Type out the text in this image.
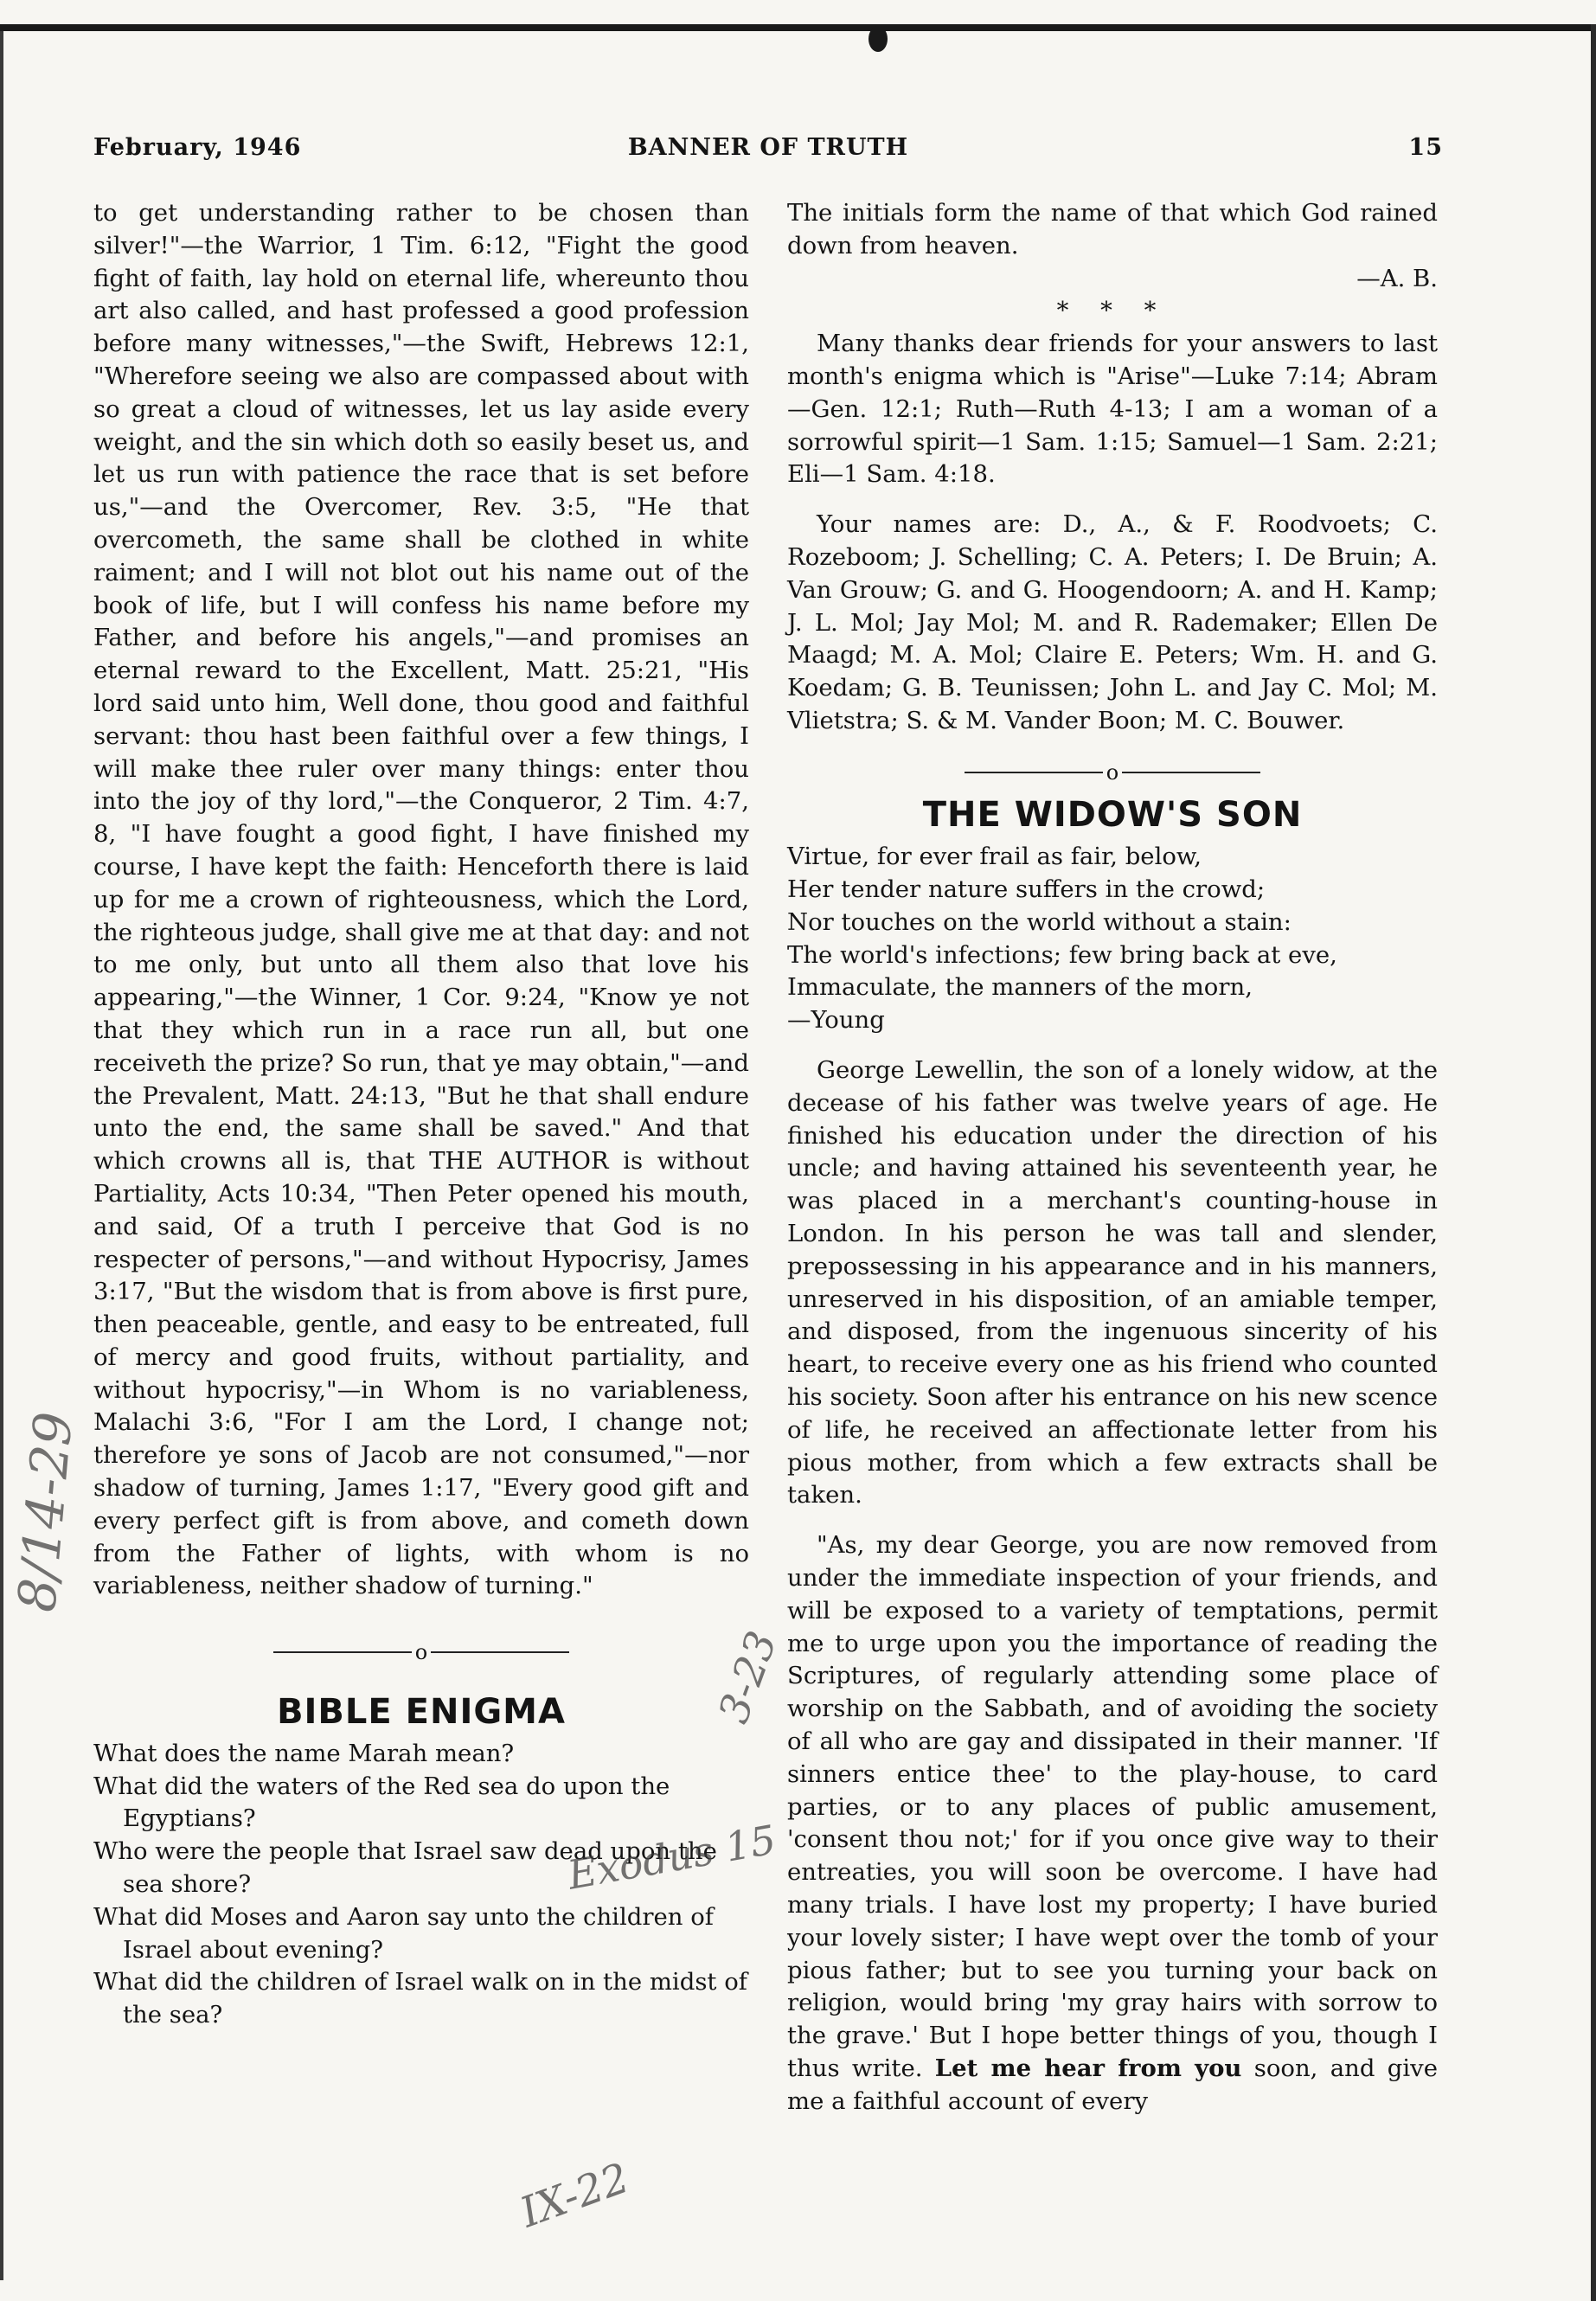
February, 1946	BANNER OF TRUTH	15

to get understanding rather to be chosen than silver!"—the Warrior, 1 Tim. 6:12, "Fight the good fight of faith, lay hold on eternal life, whereunto thou art also called, and hast professed a good profession before many witnesses,"—the Swift, Hebrews 12:1, "Wherefore seeing we also are compassed about with so great a cloud of witnesses, let us lay aside every weight, and the sin which doth so easily beset us, and let us run with patience the race that is set before us,"—and the Overcomer, Rev. 3:5, "He that overcometh, the same shall be clothed in white raiment; and I will not blot out his name out of the book of life, but I will confess his name before my Father, and before his angels,"—and promises an eternal reward to the Excellent, Matt. 25:21, "His lord said unto him, Well done, thou good and faithful servant: thou hast been faithful over a few things, I will make thee ruler over many things: enter thou into the joy of thy lord,"—the Conqueror, 2 Tim. 4:7, 8, "I have fought a good fight, I have finished my course, I have kept the faith: Henceforth there is laid up for me a crown of righteousness, which the Lord, the righteous judge, shall give me at that day: and not to me only, but unto all them also that love his appearing,"—the Winner, 1 Cor. 9:24, "Know ye not that they which run in a race run all, but one receiveth the prize? So run, that ye may obtain,"—and the Prevalent, Matt. 24:13, "But he that shall endure unto the end, the same shall be saved." And that which crowns all is, that THE AUTHOR is without Partiality, Acts 10:34, "Then Peter opened his mouth, and said, Of a truth I perceive that God is no respecter of persons,"—and without Hypocrisy, James 3:17, "But the wisdom that is from above is first pure, then peaceable, gentle, and easy to be entreated, full of mercy and good fruits, without partiality, and without hypocrisy,"—in Whom is no variableness, Malachi 3:6, "For I am the Lord, I change not; therefore ye sons of Jacob are not consumed,"—nor shadow of turning, James 1:17, "Every good gift and every perfect gift is from above, and cometh down from the Father of lights, with whom is no variableness, neither shadow of turning."

o
BIBLE ENIGMA

What does the name Marah mean?

What did the waters of the Red sea do upon the Egyptians?

Who were the people that Israel saw dead upon the sea shore?

What did Moses and Aaron say unto the children of Israel about evening?

What did the children of Israel walk on in the midst of the sea?

The initials form the name of that which God rained down from heaven.

—A. B.

* * *

Many thanks dear friends for your answers to last month's enigma which is "Arise"—Luke 7:14; Abram—Gen. 12:1; Ruth—Ruth 4-13; I am a woman of a sorrowful spirit—1 Sam. 1:15; Samuel—1 Sam. 2:21; Eli—1 Sam. 4:18.

Your names are: D., A., & F. Roodvoets; C. Rozeboom; J. Schelling; C. A. Peters; I. De Bruin; A. Van Grouw; G. and G. Hoogendoorn; A. and H. Kamp; J. L. Mol; Jay Mol; M. and R. Rademaker; Ellen De Maagd; M. A. Mol; Claire E. Peters; Wm. H. and G. Koedam; G. B. Teunissen; John L. and Jay C. Mol; M. Vlietstra; S. & M. Vander Boon; M. C. Bouwer.

o
THE WIDOW'S SON

Virtue, for ever frail as fair, below,

Her tender nature suffers in the crowd;

Nor touches on the world without a stain:

The world's infections; few bring back at eve,

Immaculate, the manners of the morn,

—Young

George Lewellin, the son of a lonely widow, at the decease of his father was twelve years of age. He finished his education under the direction of his uncle; and having attained his seventeenth year, he was placed in a merchant's counting-house in London. In his person he was tall and slender, prepossessing in his appearance and in his manners, unreserved in his disposition, of an amiable temper, and disposed, from the ingenuous sincerity of his heart, to receive every one as his friend who counted his society. Soon after his entrance on his new scence of life, he received an affectionate letter from his pious mother, from which a few extracts shall be taken.

"As, my dear George, you are now removed from under the immediate inspection of your friends, and will be exposed to a variety of temptations, permit me to urge upon you the importance of reading the Scriptures, of regularly attending some place of worship on the Sabbath, and of avoiding the society of all who are gay and dissipated in their manner. 'If sinners entice thee' to the play-house, to card parties, or to any places of public amusement, 'consent thou not;' for if you once give way to their entreaties, you will soon be overcome. I have had many trials. I have lost my property; I have buried your lovely sister; I have wept over the tomb of your pious father; but to see you turning your back on religion, would bring 'my gray hairs with sorrow to the grave.' But I hope better things of you, though I thus write. Let me hear from you soon, and give me a faithful account of every

8/14-29
3-23
Exodus 15
IX-22
